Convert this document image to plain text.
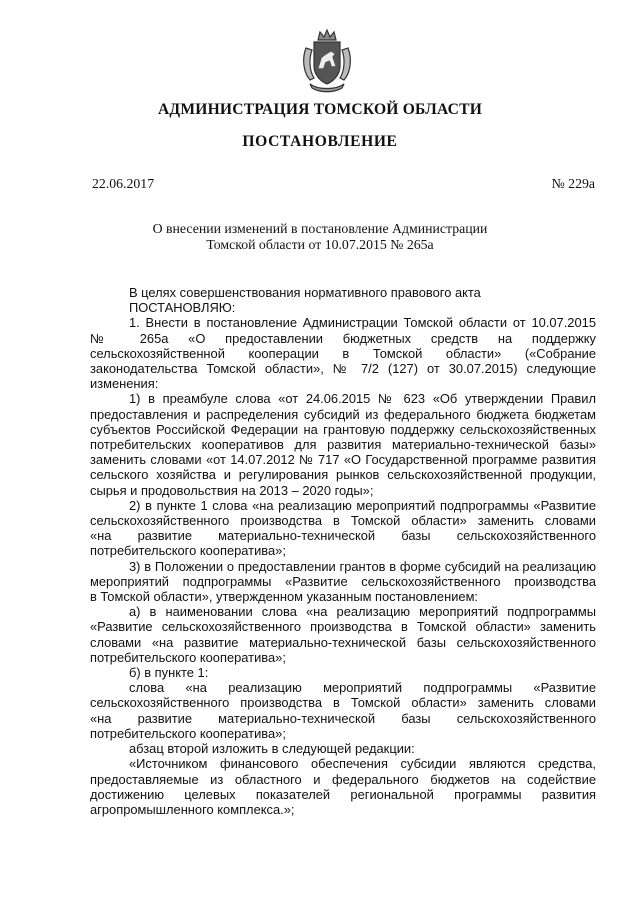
АДМИНИСТРАЦИЯ ТОМСКОЙ ОБЛАСТИ
ПОСТАНОВЛЕНИЕ
22.06.2017	№ 229а
О внесении изменений в постановление Администрации
Томской области от 10.07.2015 № 265а

В целях совершенствования нормативного правового акта

ПОСТАНОВЛЯЮ:

1. Внести в постановление Администрации Томской области от 10.07.2015

№ 265а «О предоставлении бюджетных средств на поддержку

сельскохозяйственной кооперации в Томской области» («Собрание

законодательства Томской области», № 7/2 (127) от 30.07.2015) следующие

изменения:

1) в преамбуле слова «от 24.06.2015 № 623 «Об утверждении Правил

предоставления и распределения субсидий из федерального бюджета бюджетам

субъектов Российской Федерации на грантовую поддержку сельскохозяйственных

потребительских кооперативов для развития материально-технической базы»

заменить словами «от 14.07.2012 № 717 «О Государственной программе развития

сельского хозяйства и регулирования рынков сельскохозяйственной продукции,

сырья и продовольствия на 2013 – 2020 годы»;

2) в пункте 1 слова «на реализацию мероприятий подпрограммы «Развитие

сельскохозяйственного производства в Томской области» заменить словами

«на развитие материально-технической базы сельскохозяйственного

потребительского кооператива»;

3) в Положении о предоставлении грантов в форме субсидий на реализацию

мероприятий подпрограммы «Развитие сельскохозяйственного производства

в Томской области», утвержденном указанным постановлением:

а) в наименовании слова «на реализацию мероприятий подпрограммы

«Развитие сельскохозяйственного производства в Томской области» заменить

словами «на развитие материально-технической базы сельскохозяйственного

потребительского кооператива»;

б) в пункте 1:

слова «на реализацию мероприятий подпрограммы «Развитие

сельскохозяйственного производства в Томской области» заменить словами

«на развитие материально-технической базы сельскохозяйственного

потребительского кооператива»;

абзац второй изложить в следующей редакции:

«Источником финансового обеспечения субсидии являются средства,

предоставляемые из областного и федерального бюджетов на содействие

достижению целевых показателей региональной программы развития

агропромышленного комплекса.»;
